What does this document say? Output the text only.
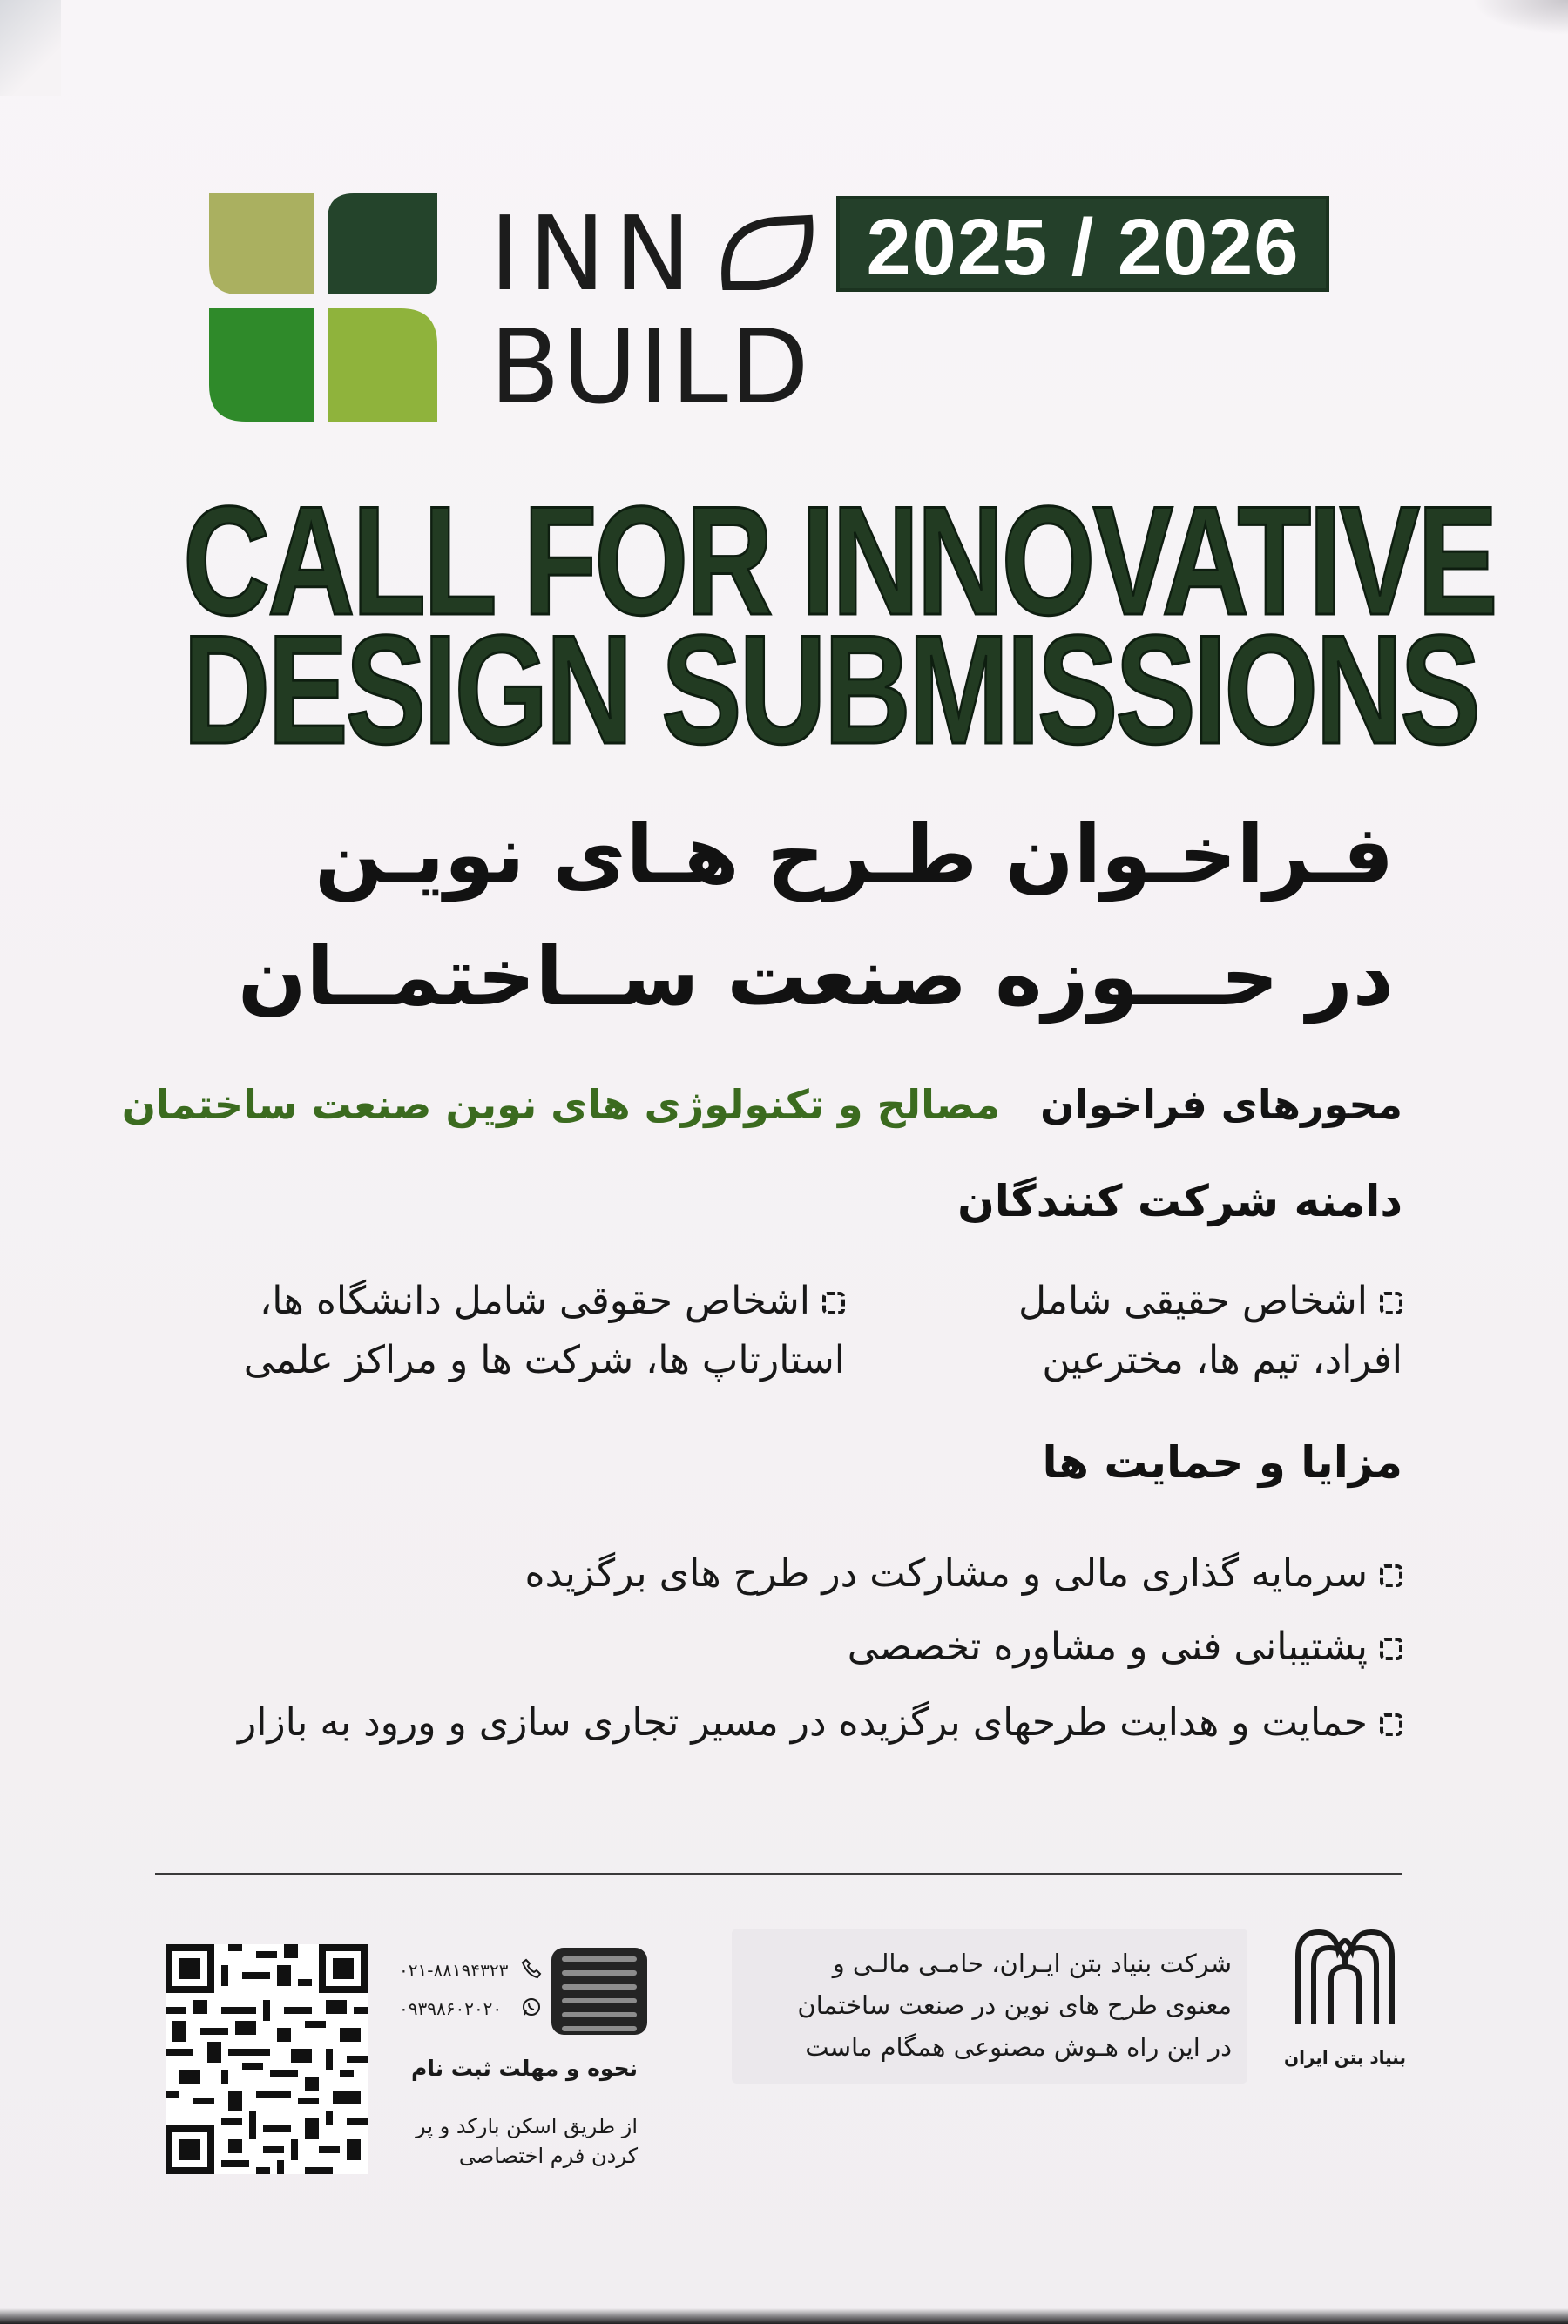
INN
BUILD
2025 / 2026
CALL FOR INNOVATIVE
DESIGN SUBMISSIONS
فـراخـوان طـرح هـای نویـن
در حـــوزه صنعت ســاختمــان
محورهای فراخوان مصالح و تکنولوژی های نوین صنعت ساختمان
دامنه شرکت کنندگان
اشخاص حقیقی شامل
افراد، تیم ها، مخترعین
اشخاص حقوقی شامل دانشگاه ها،
استارتاپ ها، شرکت ها و مراکز علمی
مزایا و حمایت ها
سرمایه گذاری مالی و مشارکت در طرح های برگزیده
پشتیبانی فنی و مشاوره تخصصی
حمایت و هدایت طرحهای برگزیده در مسیر تجاری سازی و ورود به بازار
۰۲۱-۸۸۱۹۴۳۲۳
۰۹۳۹۸۶۰۲۰۲۰
نحوه و مهلت ثبت نام
از طریق اسکن بارکد و پر کردن فرم اختصاصی
شرکت بنیاد بتن ایـران، حامـی مالـی و
معنوی طرح های نوین در صنعت ساختمان
در این راه هـوش مصنوعی همگام ماست	بنیاد بتن ایران
